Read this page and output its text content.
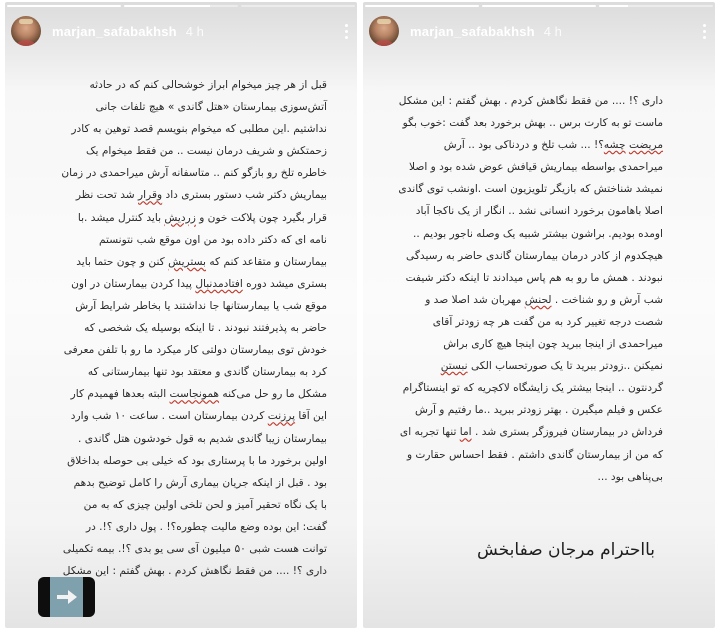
marjan_safabakhsh 4 h
قبل از هر چیز میخوام ابراز خوشحالی کنم که در حادثه
آتش‌سوزی بیمارستان «هتل گاندی » هیچ تلفات جانی
نداشتیم .این مطلبی که میخوام بنویسم قصد توهین به کادر
زحمتکش و شریف درمان نیست .. من فقط میخوام یک
خاطره تلخ رو بازگو کنم .. متاسفانه آرش میراحمدی در زمان
بیماریش دکتر شب دستور بستری داد وقرار شد تحت نظر
قرار بگیرد چون پلاکت خون و زردیش باید کنترل میشد .با
نامه ای که دکتر داده بود من اون موقع شب نتونستم
بیمارستان و متقاعد کنم که بستریش کنن و چون حتما باید
بستری میشد دوره افتادمدنبال پیدا کردن بیمارستان در اون
موقع شب یا بیمارستانها جا نداشتند یا بخاطر شرایط آرش
حاضر به پذیرفتند نبودند . تا اینکه بوسیله یک شخصی که
خودش توی بیمارستان دولتی کار میکرد ما رو با تلفن معرفی
کرد به بیمارستان گاندی و معتقد بود تنها بیمارستانی که
مشکل ما رو حل می‌کنه همونجاست البته بعدها فهمیدم کار
این آقا پرزنت کردن بیمارستان است . ساعت ۱۰ شب وارد
بیمارستان زیبا گاندی شدیم به قول خودشون هتل گاندی .
اولین برخورد ما با پرستاری بود که خیلی بی حوصله بداخلاق
بود . قبل از اینکه جریان بیماری آرش را کامل توضیح بدهم
با یک نگاه تحقیر آمیز و لحن تلخی اولین چیزی که به من
گفت: این بوده وضع مالیت چطوره؟! . پول داری ؟!. در
توانت هست شبی ۵۰ میلیون آی سی یو بدی ؟!. بیمه تکمیلی
داری ؟! .... من فقط نگاهش کردم . بهش گفتم : این مشکل
marjan_safabakhsh 4 h
داری ؟! .... من فقط نگاهش کردم . بهش گفتم : این مشکل
ماست تو به کارت برس .. بهش برخورد بعد گفت :خوب بگو
مریضت چشه؟! ... شب تلخ و دردناکی بود .. آرش
میراحمدی بواسطه بیماریش قیافش عوض شده بود و اصلا
نمیشد شناختش که بازیگر تلویزیون است .اونشب توی گاندی
اصلا باهامون برخورد انسانی نشد .. انگار از یک ناکجا آباد
اومده بودیم. براشون بیشتر شبیه یک وصله ناجور بودیم ..
هیچکدوم از کادر درمان بیمارستان گاندی حاضر به رسیدگی
نبودند . همش ما رو به هم پاس میدادند تا اینکه دکتر شیفت
شب آرش و رو شناخت . لحنش مهربان شد اصلا صد و
شصت درجه تغییر کرد به من گفت هر چه زودتر آقای
میراحمدی از اینجا ببرید چون اینجا هیچ کاری براش
نمیکنن ..زودتر ببرید تا یک صورتحساب الکی نبستن
گردنتون .. اینجا بیشتر یک زایشگاه لاکچریه که تو اینستاگرام
عکس و فیلم میگیرن . بهتر زودتر ببرید ..ما رفتیم و آرش
فرداش در بیمارستان فیروزگر بستری شد . اما تنها تجربه ای
که من از بیمارستان گاندی داشتم . فقط احساس حقارت و
بی‌پناهی بود ...
بااحترام مرجان صفابخش
